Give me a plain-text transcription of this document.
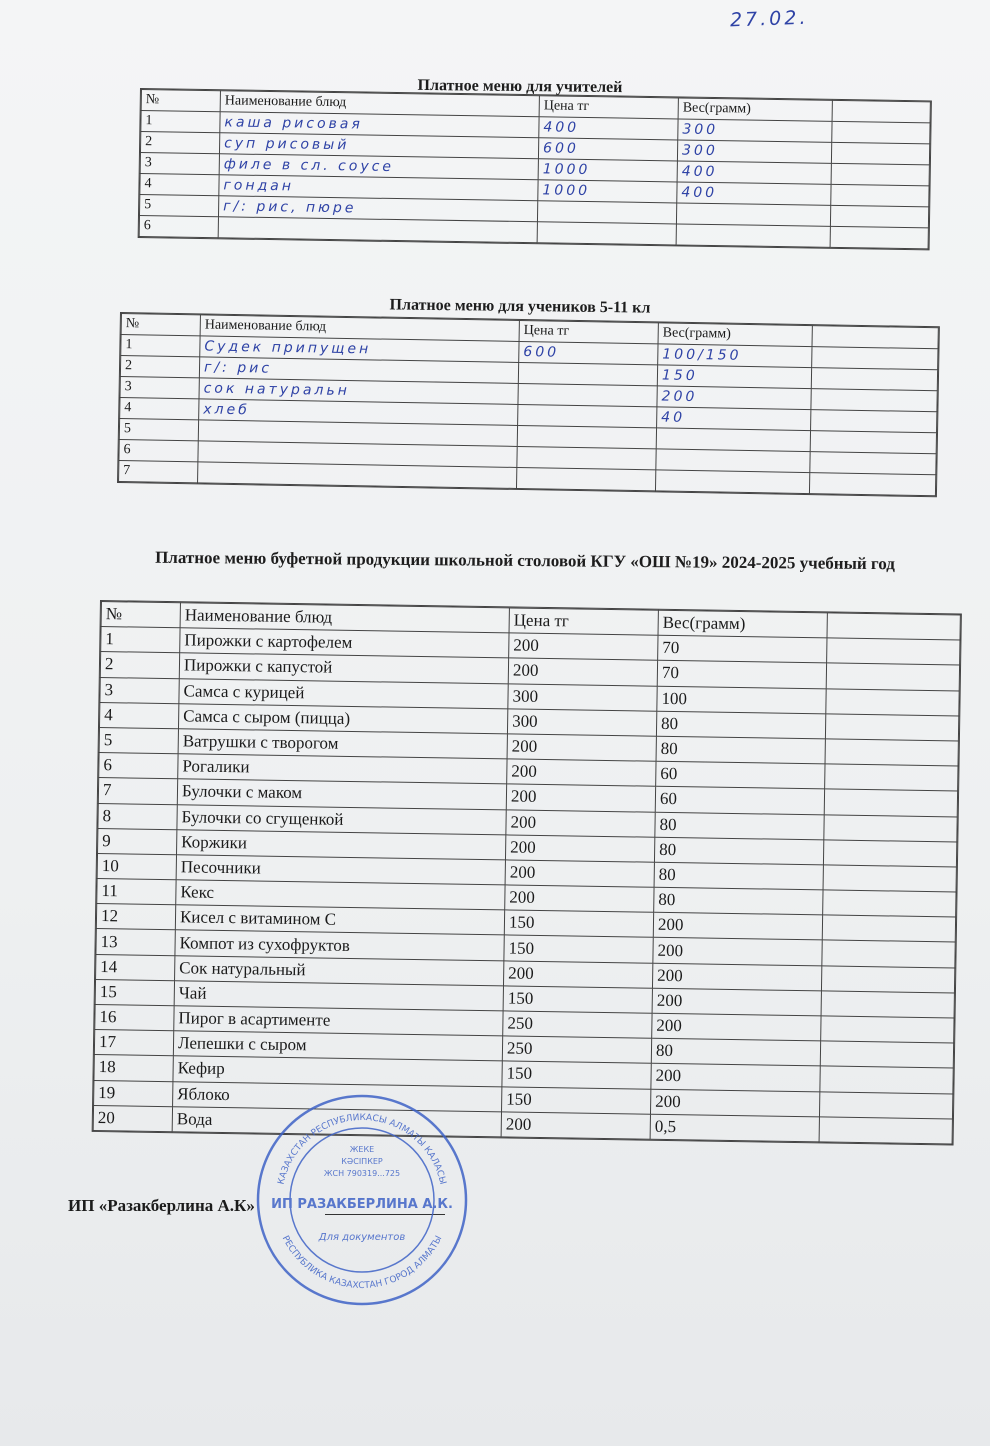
27.02.
Платное меню для учителей
№	Наименование блюд	Цена тг	Вес(грамм)	
1	каша рисовая	400	300	
2	суп рисовый	600	300	
3	филе в сл. соусе	1000	400	
4	гондан	1000	400	
5	г/: рис, пюре			
6				
Платное меню для учеников 5-11 кл
№	Наименование блюд	Цена тг	Вес(грамм)	
1	Судек припущен	600	100/150	
2	г/: рис		150	
3	сок натуральн		200	
4	хлеб		40	
5				
6				
7				
Платное меню буфетной продукции школьной столовой КГУ «ОШ №19» 2024-2025 учебный год
№	Наименование блюд	Цена тг	Вес(грамм)	
1	Пирожки с картофелем	200	70	
2	Пирожки с капустой	200	70	
3	Самса с курицей	300	100	
4	Самса с сыром (пицца)	300	80	
5	Ватрушки с творогом	200	80	
6	Рогалики	200	60	
7	Булочки с маком	200	60	
8	Булочки со сгущенкой	200	80	
9	Коржики	200	80	
10	Песочники	200	80	
11	Кекс	200	80	
12	Кисел с витамином С	150	200	
13	Компот из сухофруктов	150	200	
14	Сок натуральный	200	200	
15	Чай	150	200	
16	Пирог в асартименте	250	200	
17	Лепешки с сыром	250	80	
18	Кефир	150	200	
19	Яблоко	150	200	
20	Вода	200	0,5	
ИП «Разакберлина А.К»
КАЗАХСТАН РЕСПУБЛИКАСЫ АЛМАТЫ КАЛАСЫ
РЕСПУБЛИКА КАЗАХСТАН ГОРОД АЛМАТЫ
ЖЕКЕ
КӘСІПКЕР
ЖСН 790319...725
ИП РАЗАКБЕРЛИНА А.К.
Для документов
